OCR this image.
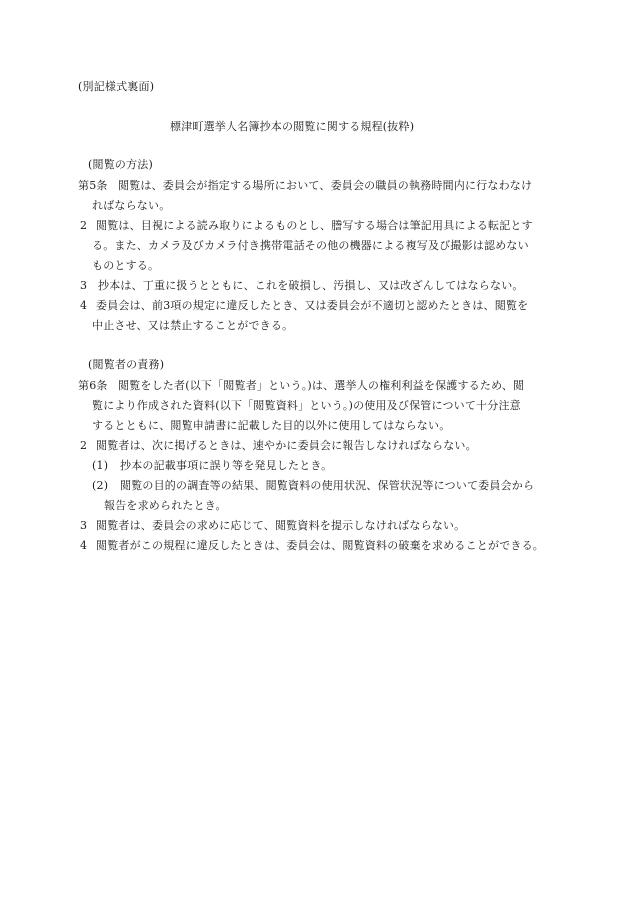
(別記様式裏面)
標津町選挙人名簿抄本の閲覧に関する規程(抜粋)
(閲覧の方法)
第5条 閲覧は、委員会が指定する場所において、委員会の職員の執務時間内に行なわなけ
ればならない。
2 閲覧は、目視による読み取りによるものとし、謄写する場合は筆記用具による転記とす
る。また、カメラ及びカメラ付き携帯電話その他の機器による複写及び撮影は認めない
ものとする。
3 抄本は、丁重に扱うとともに、これを破損し、汚損し、又は改ざんしてはならない。
4 委員会は、前3項の規定に違反したとき、又は委員会が不適切と認めたときは、閲覧を
中止させ、又は禁止することができる。
(閲覧者の責務)
第6条 閲覧をした者(以下「閲覧者」という。)は、選挙人の権利利益を保護するため、閲
覧により作成された資料(以下「閲覧資料」という。)の使用及び保管について十分注意
するとともに、閲覧申請書に記載した目的以外に使用してはならない。
2 閲覧者は、次に掲げるときは、速やかに委員会に報告しなければならない。
(1) 抄本の記載事項に誤り等を発見したとき。
(2) 閲覧の目的の調査等の結果、閲覧資料の使用状況、保管状況等について委員会から
報告を求められたとき。
3 閲覧者は、委員会の求めに応じて、閲覧資料を提示しなければならない。
4 閲覧者がこの規程に違反したときは、委員会は、閲覧資料の破棄を求めることができる。
